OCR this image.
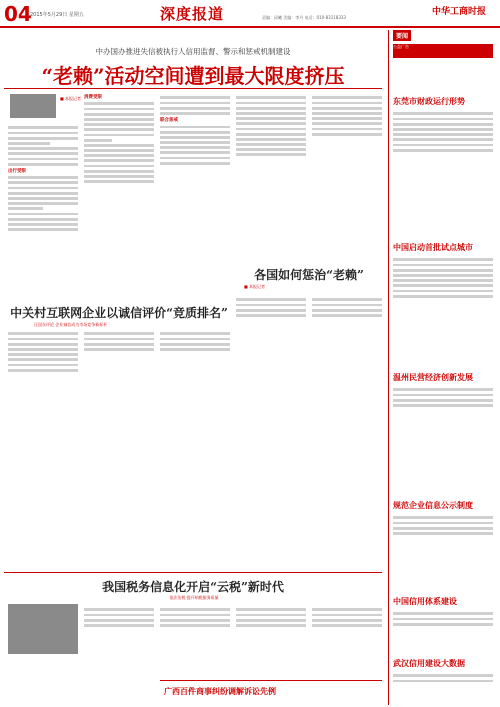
04
2015年5月29日 星期五	深度报道	责编：邱曦 美编：李丹 电话：010-83118333
中华工商时报
中办国办推进失信被执行人信用监督、警示和惩戒机制建设
“老赖”活动空间遭到最大限度挤压
■ 本报记者
出行受限
消费受限
联合惩戒
各国如何惩治“老赖”
■ 本报记者
中关村互联网企业以诚信评价“竞质排名”
汪国东评论 企业诚信成为市场竞争新标杆
我国税务信息化开启“云税”新时代
依法治税 提升纳税服务质量
广西百件商事纠纷调解诉讼先例
要闻
公益广告
东莞市财政运行形势
中国启动首批试点城市
温州民营经济创新发展
规范企业信息公示制度
中国信用体系建设
武汉信用建设大数据
